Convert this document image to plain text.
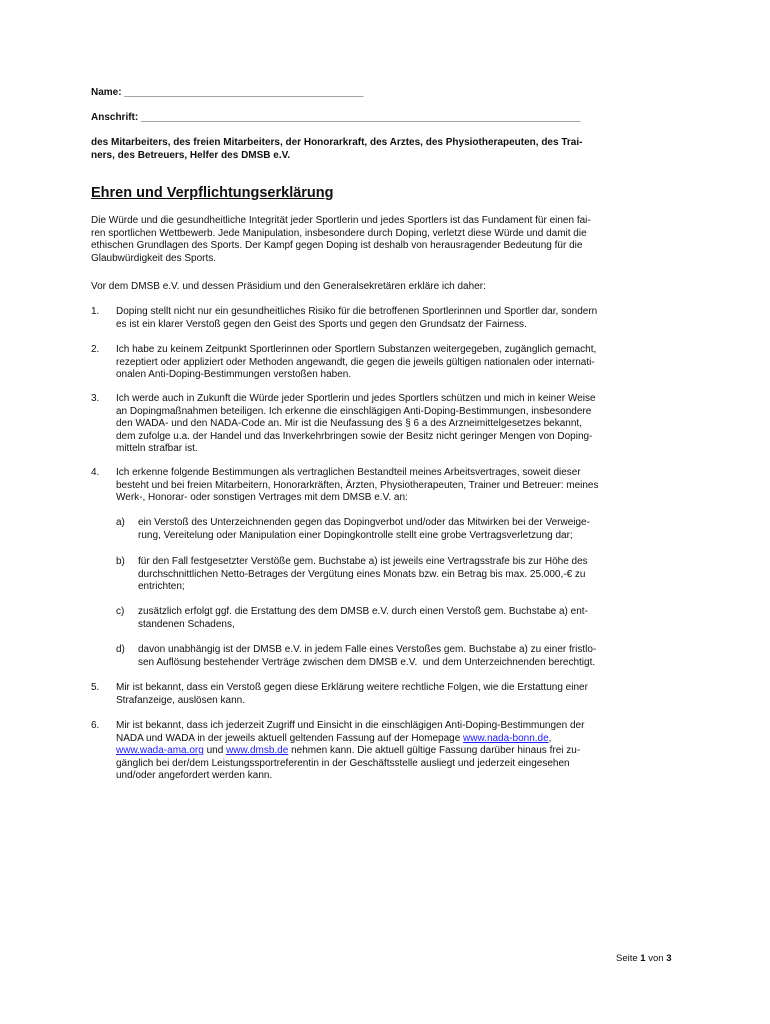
Name: ___________________________________________
Anschrift: _______________________________________________________________________________
des Mitarbeiters, des freien Mitarbeiters, der Honorarkraft, des Arztes, des Physiotherapeuten, des Trai-
ners, des Betreuers, Helfer des DMSB e.V.
Ehren und Verpflichtungserklärung
Die Würde und die gesundheitliche Integrität jeder Sportlerin und jedes Sportlers ist das Fundament für einen fai-
ren sportlichen Wettbewerb. Jede Manipulation, insbesondere durch Doping, verletzt diese Würde und damit die
ethischen Grundlagen des Sports. Der Kampf gegen Doping ist deshalb von herausragender Bedeutung für die
Glaubwürdigkeit des Sports.
Vor dem DMSB e.V. und dessen Präsidium und den Generalsekretären erkläre ich daher:
1.	Doping stellt nicht nur ein gesundheitliches Risiko für die betroffenen Sportlerinnen und Sportler dar, sondern
es ist ein klarer Verstoß gegen den Geist des Sports und gegen den Grundsatz der Fairness.
2.	Ich habe zu keinem Zeitpunkt Sportlerinnen oder Sportlern Substanzen weitergegeben, zugänglich gemacht,
rezeptiert oder appliziert oder Methoden angewandt, die gegen die jeweils gültigen nationalen oder internati-
onalen Anti-Doping-Bestimmungen verstoßen haben.
3.	Ich werde auch in Zukunft die Würde jeder Sportlerin und jedes Sportlers schützen und mich in keiner Weise
an Dopingmaßnahmen beteiligen. Ich erkenne die einschlägigen Anti-Doping-Bestimmungen, insbesondere
den WADA- und den NADA-Code an. Mir ist die Neufassung des § 6 a des Arzneimittelgesetzes bekannt,
dem zufolge u.a. der Handel und das Inverkehrbringen sowie der Besitz nicht geringer Mengen von Doping-
mitteln strafbar ist.
4.	Ich erkenne folgende Bestimmungen als vertraglichen Bestandteil meines Arbeitsvertrages, soweit dieser
besteht und bei freien Mitarbeitern, Honorarkräften, Ärzten, Physiotherapeuten, Trainer und Betreuer: meines
Werk-, Honorar- oder sonstigen Vertrages mit dem DMSB e.V. an:
a)	ein Verstoß des Unterzeichnenden gegen das Dopingverbot und/oder das Mitwirken bei der Verweige-
rung, Vereitelung oder Manipulation einer Dopingkontrolle stellt eine grobe Vertragsverletzung dar;
b)	für den Fall festgesetzter Verstöße gem. Buchstabe a) ist jeweils eine Vertragsstrafe bis zur Höhe des
durchschnittlichen Netto-Betrages der Vergütung eines Monats bzw. ein Betrag bis max. 25.000,-€ zu
entrichten;
c)	zusätzlich erfolgt ggf. die Erstattung des dem DMSB e.V. durch einen Verstoß gem. Buchstabe a) ent-
standenen Schadens,
d)	davon unabhängig ist der DMSB e.V. in jedem Falle eines Verstoßes gem. Buchstabe a) zu einer fristlo-
sen Auflösung bestehender Verträge zwischen dem DMSB e.V.  und dem Unterzeichnenden berechtigt.
5.	Mir ist bekannt, dass ein Verstoß gegen diese Erklärung weitere rechtliche Folgen, wie die Erstattung einer
Strafanzeige, auslösen kann.
6.	Mir ist bekannt, dass ich jederzeit Zugriff und Einsicht in die einschlägigen Anti-Doping-Bestimmungen der
NADA und WADA in der jeweils aktuell geltenden Fassung auf der Homepage www.nada-bonn.de,
www.wada-ama.org und www.dmsb.de nehmen kann. Die aktuell gültige Fassung darüber hinaus frei zu-
gänglich bei der/dem Leistungssportreferentin in der Geschäftsstelle ausliegt und jederzeit eingesehen
und/oder angefordert werden kann.
Seite 1 von 3
